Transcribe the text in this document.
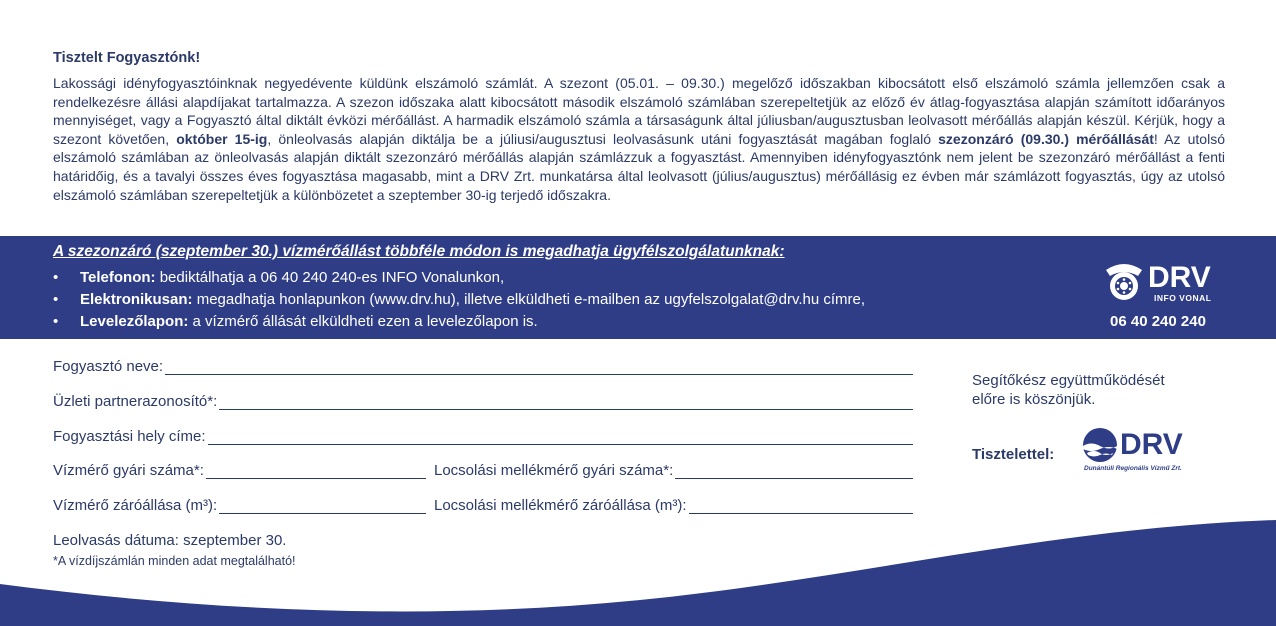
Tisztelt Fogyasztónk!

Lakossági idényfogyasztóinknak negyedévente küldünk elszámoló számlát. A szezont (05.01. – 09.30.) megelőző időszakban kibocsátott első elszámoló számla jellemzően csak a rendelkezésre állási alapdíjakat tartalmazza. A szezon időszaka alatt kibocsátott második elszámoló számlában szerepeltetjük az előző év átlag-fogyasztása alapján számított időarányos mennyiséget, vagy a Fogyasztó által diktált évközi mérőállást. A harmadik elszámoló számla a társaságunk által júliusban/augusztusban leolvasott mérőállás alapján készül. Kérjük, hogy a szezont követően, október 15-ig, önleolvasás alapján diktálja be a júliusi/augusztusi leolvasásunk utáni fogyasztását magában foglaló szezonzáró (09.30.) mérőállását! Az utolsó elszámoló számlában az önleolvasás alapján diktált szezonzáró mérőállás alapján számlázzuk a fogyasztást. Amennyiben idényfogyasztónk nem jelent be szezonzáró mérőállást a fenti határidőig, és a tavalyi összes éves fogyasztása magasabb, mint a DRV Zrt. munkatársa által leolvasott (július/augusztus) mérőállásig ez évben már számlázott fogyasztás, úgy az utolsó elszámoló számlában szerepeltetjük a különbözetet a szeptember 30-ig terjedő időszakra.

A szezonzáró (szeptember 30.) vízmérőállást többféle módon is megadhatja ügyfélszolgálatunknak:
• Telefonon: bediktálhatja a 06 40 240 240-es INFO Vonalunkon,
• Elektronikusan: megadhatja honlapunkon (www.drv.hu), illetve elküldheti e-mailben az ugyfelszolgalat@drv.hu címre,
• Levelezőlapon: a vízmérő állását elküldheti ezen a levelezőlapon is.
DRV
INFO VONAL
06 40 240 240
Fogyasztó neve:
Üzleti partnerazonosító*:
Fogyasztási hely címe:
Vízmérő gyári száma*:	Locsolási mellékmérő gyári száma*:
Vízmérő záróállása (m³):	Locsolási mellékmérő záróállása (m³):
Leolvasás dátuma: szeptember 30.
*A vízdíjszámlán minden adat megtalálható!
Segítőkész együttműködését
előre is köszönjük.
Tisztelettel: DRV
Dunántúli Regionális Vízmű Zrt.
